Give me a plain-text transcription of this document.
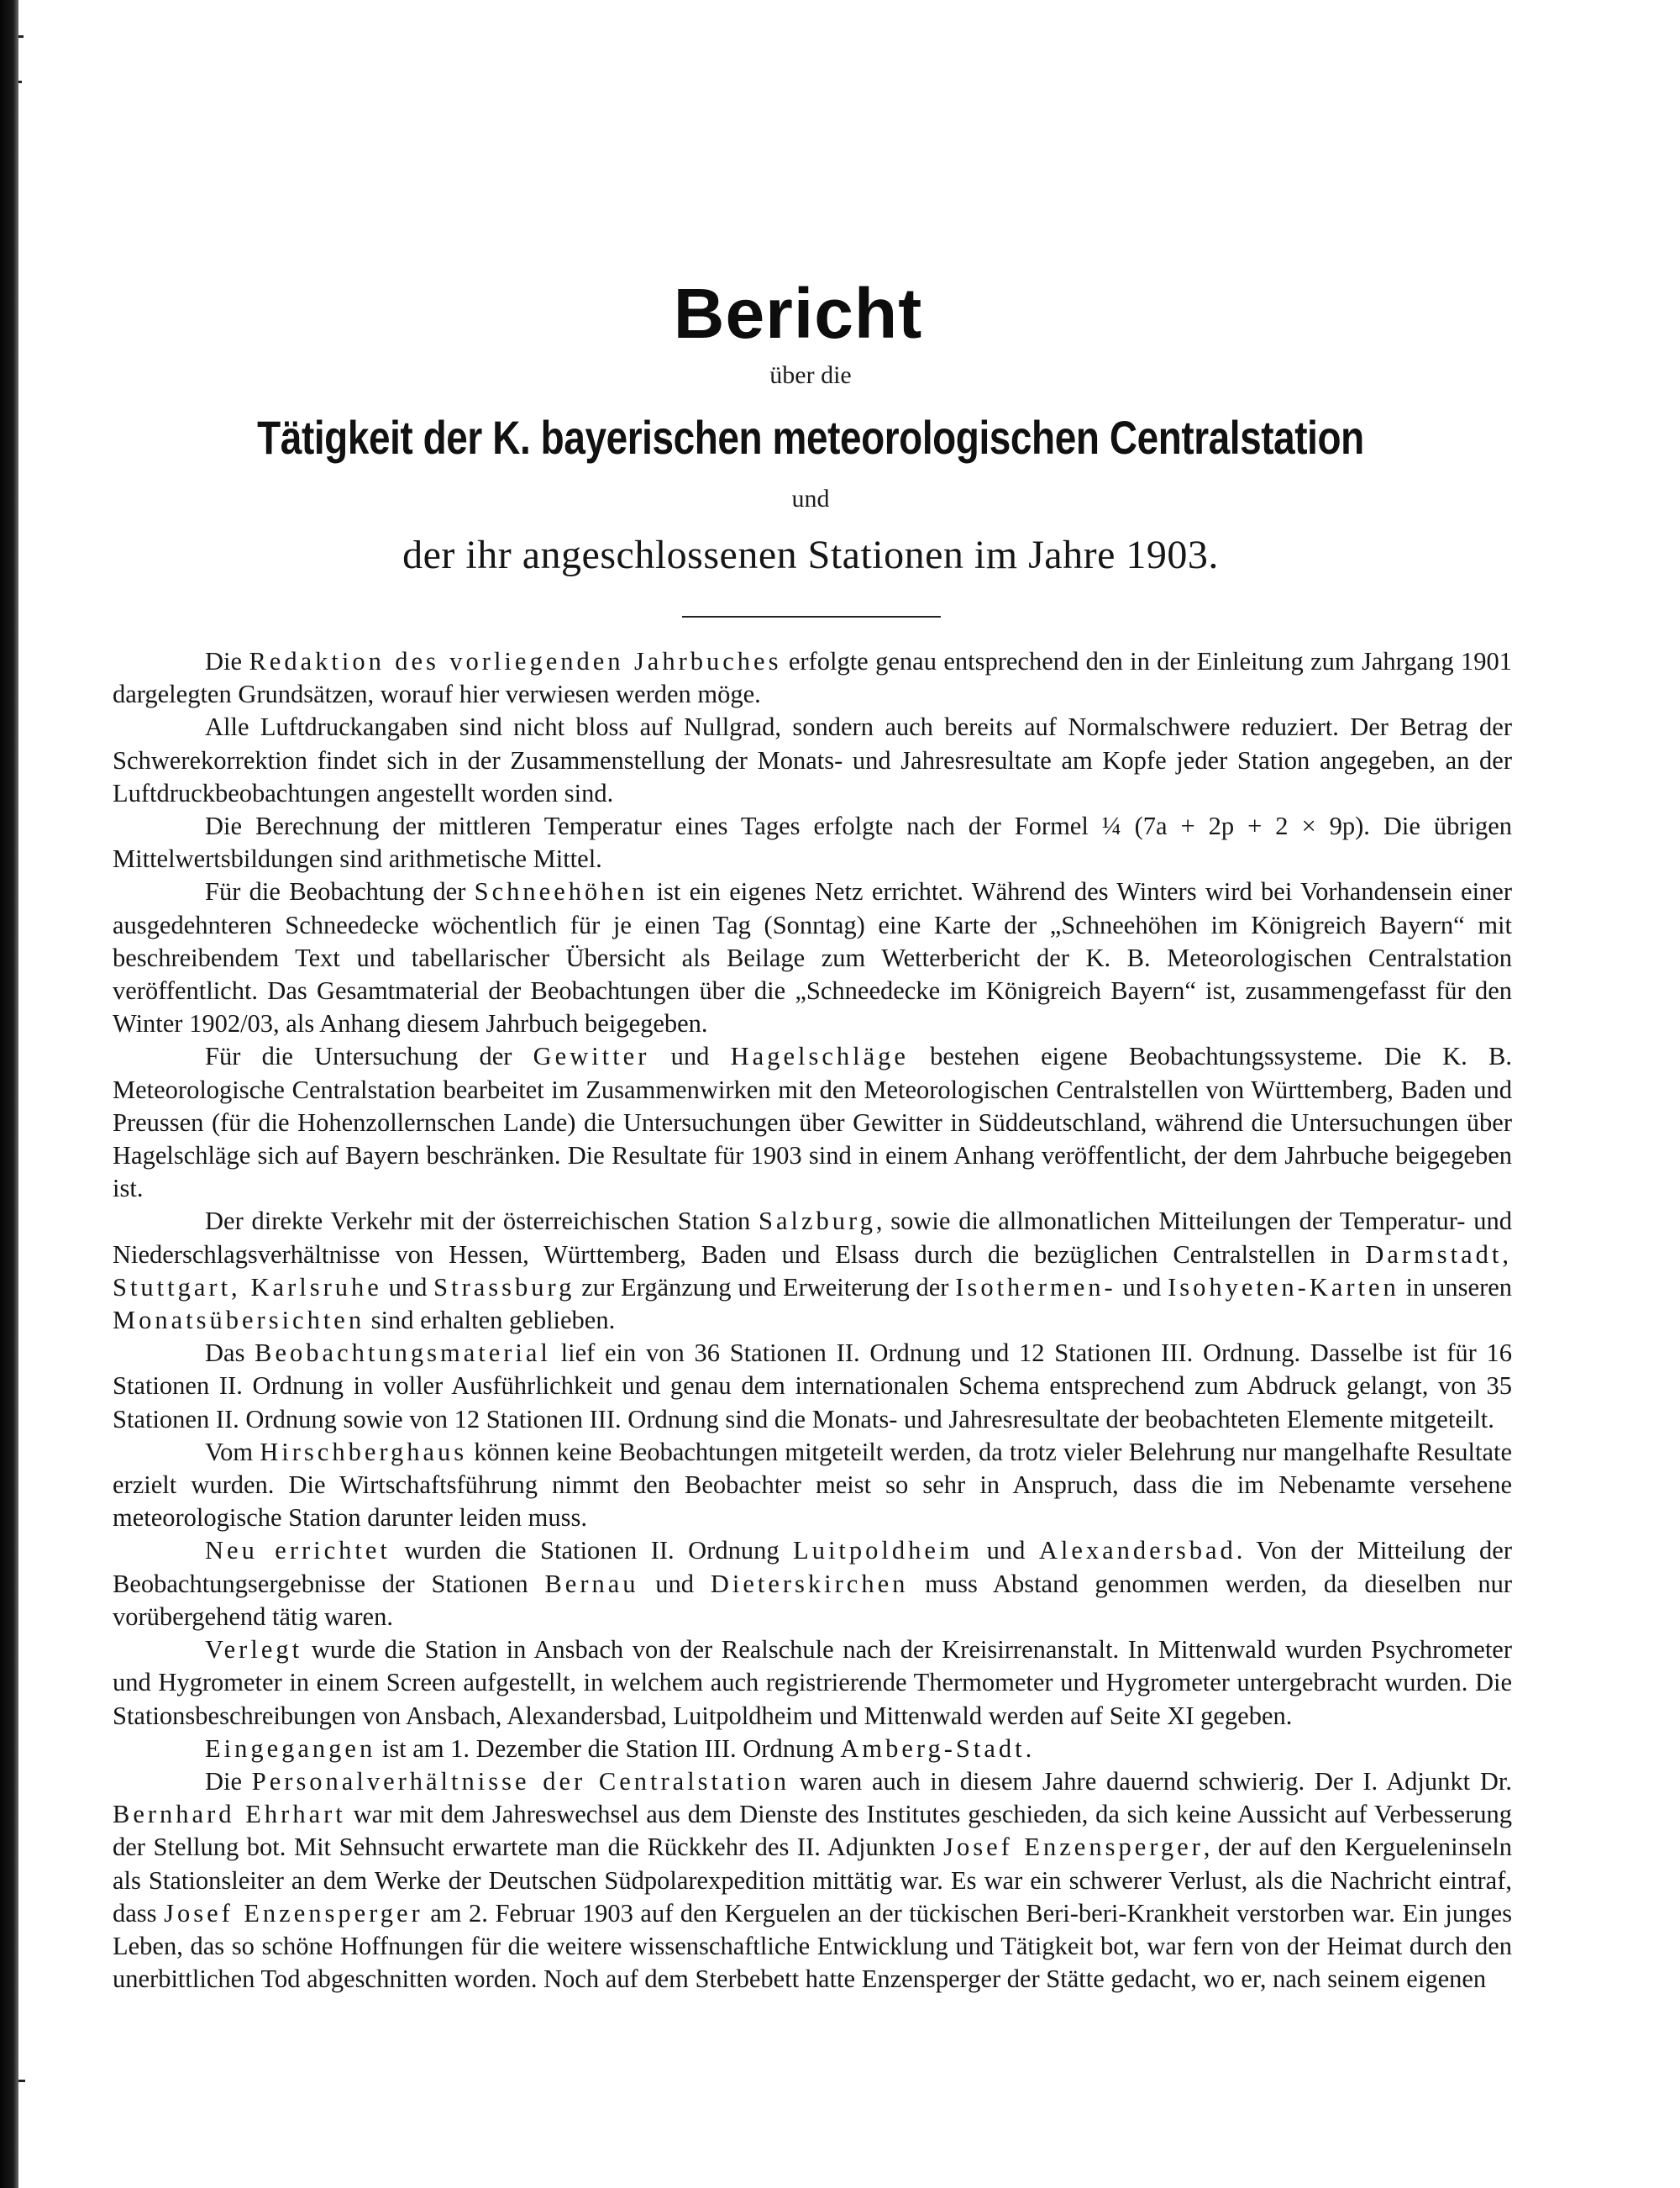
Bericht
über die
Tätigkeit der K. bayerischen meteorologischen Centralstation
und
der ihr angeschlossenen Stationen im Jahre 1903.

Die Redaktion des vorliegenden Jahrbuches erfolgte genau entsprechend den in der Einleitung zum Jahrgang 1901 dargelegten Grundsätzen, worauf hier verwiesen werden möge.

Alle Luftdruckangaben sind nicht bloss auf Nullgrad, sondern auch bereits auf Normalschwere reduziert. Der Betrag der Schwerekorrektion findet sich in der Zusammenstellung der Monats- und Jahresresultate am Kopfe jeder Station angegeben, an der Luftdruckbeobachtungen angestellt worden sind.

Die Berechnung der mittleren Temperatur eines Tages erfolgte nach der Formel ¼ (7a + 2p + 2 × 9p). Die übrigen Mittelwertsbildungen sind arithmetische Mittel.

Für die Beobachtung der Schneehöhen ist ein eigenes Netz errichtet. Während des Winters wird bei Vorhandensein einer ausgedehnteren Schneedecke wöchentlich für je einen Tag (Sonntag) eine Karte der „Schneehöhen im Königreich Bayern“ mit beschreibendem Text und tabellarischer Übersicht als Beilage zum Wetterbericht der K. B. Meteorologischen Centralstation veröffentlicht. Das Gesamtmaterial der Beobachtungen über die „Schneedecke im Königreich Bayern“ ist, zusammengefasst für den Winter 1902/03, als Anhang diesem Jahrbuch beigegeben.

Für die Untersuchung der Gewitter und Hagelschläge bestehen eigene Beobachtungssysteme. Die K. B. Meteorologische Centralstation bearbeitet im Zusammenwirken mit den Meteorologischen Centralstellen von Württemberg, Baden und Preussen (für die Hohenzollernschen Lande) die Untersuchungen über Gewitter in Süddeutschland, während die Untersuchungen über Hagelschläge sich auf Bayern beschränken. Die Resultate für 1903 sind in einem Anhang veröffentlicht, der dem Jahrbuche beigegeben ist.

Der direkte Verkehr mit der österreichischen Station Salzburg, sowie die allmonatlichen Mitteilungen der Temperatur- und Niederschlagsverhältnisse von Hessen, Württemberg, Baden und Elsass durch die bezüglichen Centralstellen in Darmstadt, Stuttgart, Karlsruhe und Strassburg zur Ergänzung und Erweiterung der Isothermen- und Isohyeten-Karten in unseren Monatsübersichten sind erhalten geblieben.

Das Beobachtungsmaterial lief ein von 36 Stationen II. Ordnung und 12 Stationen III. Ordnung. Dasselbe ist für 16 Stationen II. Ordnung in voller Ausführlichkeit und genau dem internationalen Schema entsprechend zum Abdruck gelangt, von 35 Stationen II. Ordnung sowie von 12 Stationen III. Ordnung sind die Monats- und Jahresresultate der beobachteten Elemente mitgeteilt.

Vom Hirschberghaus können keine Beobachtungen mitgeteilt werden, da trotz vieler Belehrung nur mangelhafte Resultate erzielt wurden. Die Wirtschaftsführung nimmt den Beobachter meist so sehr in Anspruch, dass die im Nebenamte versehene meteorologische Station darunter leiden muss.

Neu errichtet wurden die Stationen II. Ordnung Luitpoldheim und Alexandersbad. Von der Mitteilung der Beobachtungsergebnisse der Stationen Bernau und Dieterskirchen muss Abstand genommen werden, da dieselben nur vorübergehend tätig waren.

Verlegt wurde die Station in Ansbach von der Realschule nach der Kreisirrenanstalt. In Mittenwald wurden Psychrometer und Hygrometer in einem Screen aufgestellt, in welchem auch registrierende Thermometer und Hygrometer untergebracht wurden. Die Stationsbeschreibungen von Ansbach, Alexandersbad, Luitpoldheim und Mittenwald werden auf Seite XI gegeben.

Eingegangen ist am 1. Dezember die Station III. Ordnung Amberg-Stadt.

Die Personalverhältnisse der Centralstation waren auch in diesem Jahre dauernd schwierig. Der I. Adjunkt Dr. Bernhard Ehrhart war mit dem Jahreswechsel aus dem Dienste des Institutes geschieden, da sich keine Aussicht auf Verbesserung der Stellung bot. Mit Sehnsucht erwartete man die Rückkehr des II. Adjunkten Josef Enzensperger, der auf den Kergueleninseln als Stationsleiter an dem Werke der Deutschen Südpolarexpedition mittätig war. Es war ein schwerer Verlust, als die Nachricht eintraf, dass Josef Enzensperger am 2. Februar 1903 auf den Kerguelen an der tückischen Beri-beri-Krankheit verstorben war. Ein junges Leben, das so schöne Hoffnungen für die weitere wissenschaftliche Entwicklung und Tätigkeit bot, war fern von der Heimat durch den unerbittlichen Tod abgeschnitten worden. Noch auf dem Sterbebett hatte Enzensperger der Stätte gedacht, wo er, nach seinem eigenen
